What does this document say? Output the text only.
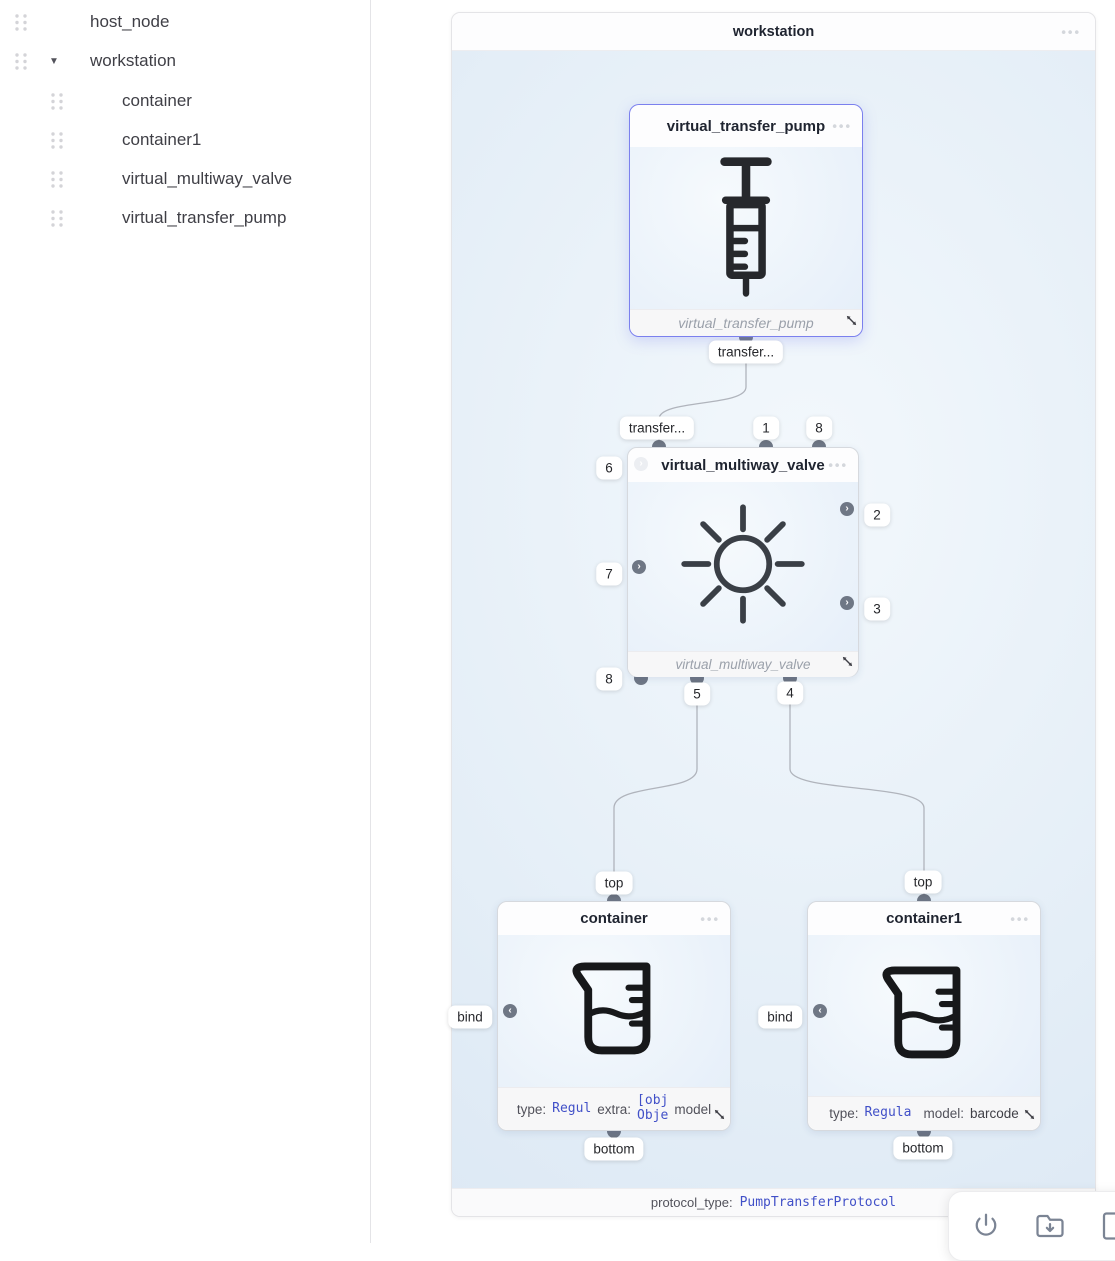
host_node
▼ workstation
container
container1
virtual_multiway_valve
virtual_transfer_pump
workstation	•••
virtual_transfer_pump •••
virtual_transfer_pump
virtual_multiway_valve •••
virtual_multiway_valve
container	•••
type: Regul extra:
[obj
Obje model
container1	•••
type: Regula model: barcode
›
›
›
›
‹	‹
transfer...
transfer...	1	8
6
7
8
2
3
5	4
top	top
bind	bind
bottom	bottom
protocol_type: PumpTransferProtocol
